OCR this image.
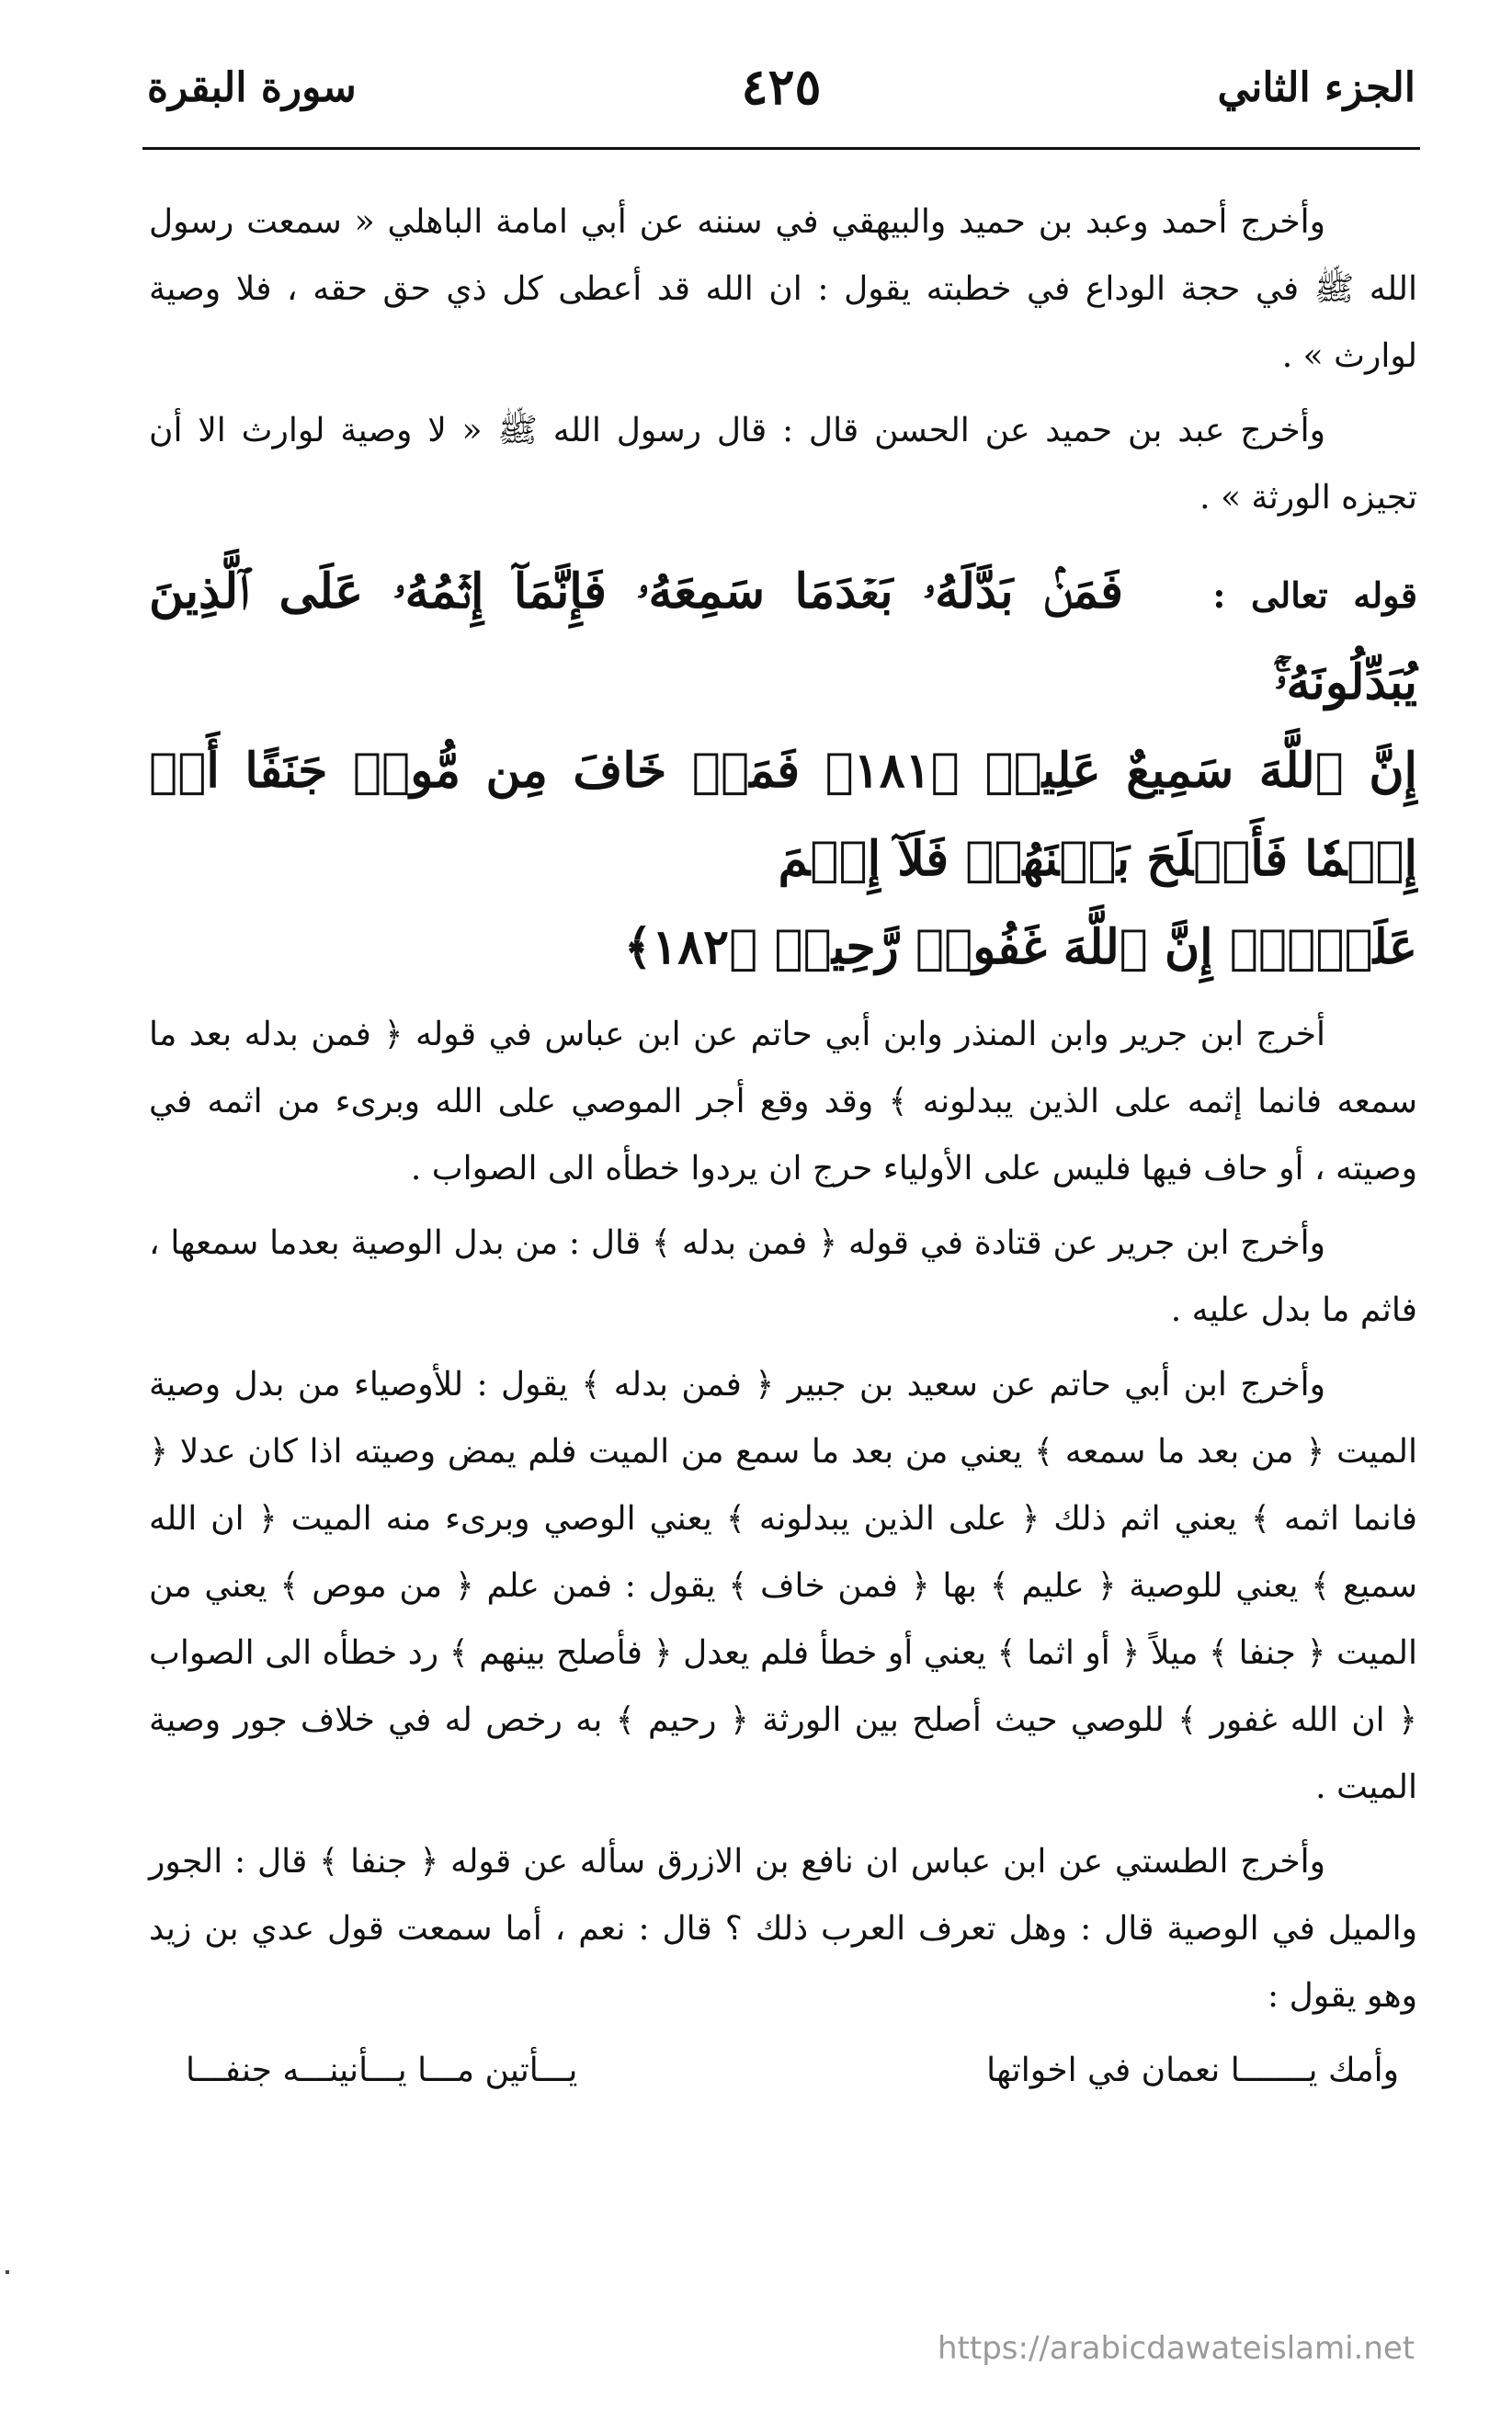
الجزء الثاني
٤٢٥
سورة البقرة

وأخرج أحمد وعبد بن حميد والبيهقي في سننه عن أبي امامة الباهلي « سمعت رسول الله ﷺ في حجة الوداع في خطبته يقول : ان الله قد أعطى كل ذي حق حقه ، فلا وصية لوارث » .

وأخرج عبد بن حميد عن الحسن قال : قال رسول الله ﷺ « لا وصية لوارث الا أن تجيزه الورثة » .

قوله تعالى :   فَمَنۢ بَدَّلَهُۥ بَعۡدَمَا سَمِعَهُۥ فَإِنَّمَآ إِثۡمُهُۥ عَلَى ٱلَّذِينَ يُبَدِّلُونَهُۥٓۚ

إِنَّ ٱللَّهَ سَمِيعٌ عَلِيمٞ ﴿١٨١﴾ فَمَنۡ خَافَ مِن مُّوصٖ جَنَفًا أَوۡ إِثۡمٗا فَأَصۡلَحَ بَيۡنَهُمۡ فَلَآ إِثۡمَ

عَلَيۡهِۚ إِنَّ ٱللَّهَ غَفُورٞ رَّحِيمٞ ﴿١٨٢﴾

أخرج ابن جرير وابن المنذر وابن أبي حاتم عن ابن عباس في قوله ﴿ فمن بدله بعد ما سمعه فانما إثمه على الذين يبدلونه ﴾ وقد وقع أجر الموصي على الله وبرىء من اثمه في وصيته ، أو حاف فيها فليس على الأولياء حرج ان يردوا خطأه الى الصواب .

وأخرج ابن جرير عن قتادة في قوله ﴿ فمن بدله ﴾ قال : من بدل الوصية بعدما سمعها ، فاثم ما بدل عليه .

وأخرج ابن أبي حاتم عن سعيد بن جبير ﴿ فمن بدله ﴾ يقول : للأوصياء من بدل وصية الميت ﴿ من بعد ما سمعه ﴾ يعني من بعد ما سمع من الميت فلم يمض وصيته اذا كان عدلا ﴿ فانما اثمه ﴾ يعني اثم ذلك ﴿ على الذين يبدلونه ﴾ يعني الوصي وبرىء منه الميت ﴿ ان الله سميع ﴾ يعني للوصية ﴿ عليم ﴾ بها ﴿ فمن خاف ﴾ يقول : فمن علم ﴿ من موص ﴾ يعني من الميت ﴿ جنفا ﴾ ميلاً ﴿ أو اثما ﴾ يعني أو خطأ فلم يعدل ﴿ فأصلح بينهم ﴾ رد خطأه الى الصواب ﴿ ان الله غفور ﴾ للوصي حيث أصلح بين الورثة ﴿ رحيم ﴾ به رخص له في خلاف جور وصية الميت .

وأخرج الطستي عن ابن عباس ان نافع بن الازرق سأله عن قوله ﴿ جنفا ﴾ قال : الجور والميل في الوصية قال : وهل تعرف العرب ذلك ؟ قال : نعم ، أما سمعت قول عدي بن زيد وهو يقول :

وأمك يـــــــا نعمان في اخواتها
يـــأتين مـــا يـــأنينـــه جنفـــا
https://arabicdawateislami.net
